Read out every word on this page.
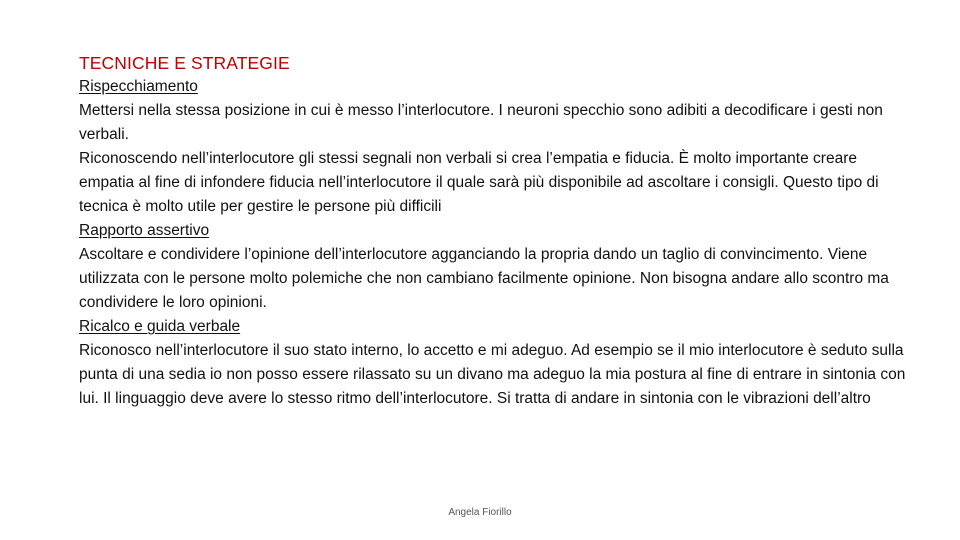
TECNICHE E STRATEGIE

Rispecchiamento

Mettersi nella stessa posizione in cui è messo l’interlocutore. I neuroni specchio sono adibiti a decodificare i gesti non verbali.

Riconoscendo nell’interlocutore gli stessi segnali non verbali si crea l’empatia e fiducia. È molto importante creare empatia al fine di infondere fiducia nell’interlocutore il quale sarà più disponibile ad ascoltare i consigli. Questo tipo di tecnica è molto utile per gestire le persone più difficili

Rapporto assertivo

Ascoltare e condividere l’opinione dell’interlocutore agganciando la propria dando un taglio di convincimento. Viene utilizzata con le persone molto polemiche che non cambiano facilmente opinione. Non bisogna andare allo scontro ma condividere le loro opinioni.

Ricalco e guida verbale

Riconosco nell’interlocutore il suo stato interno, lo accetto e mi adeguo. Ad esempio se il mio interlocutore è seduto sulla punta di una sedia io non posso essere rilassato su un divano ma adeguo la mia postura al fine di entrare in sintonia con lui. Il linguaggio deve avere lo stesso ritmo dell’interlocutore. Si tratta di andare in sintonia con le vibrazioni dell’altro

Angela Fiorillo
